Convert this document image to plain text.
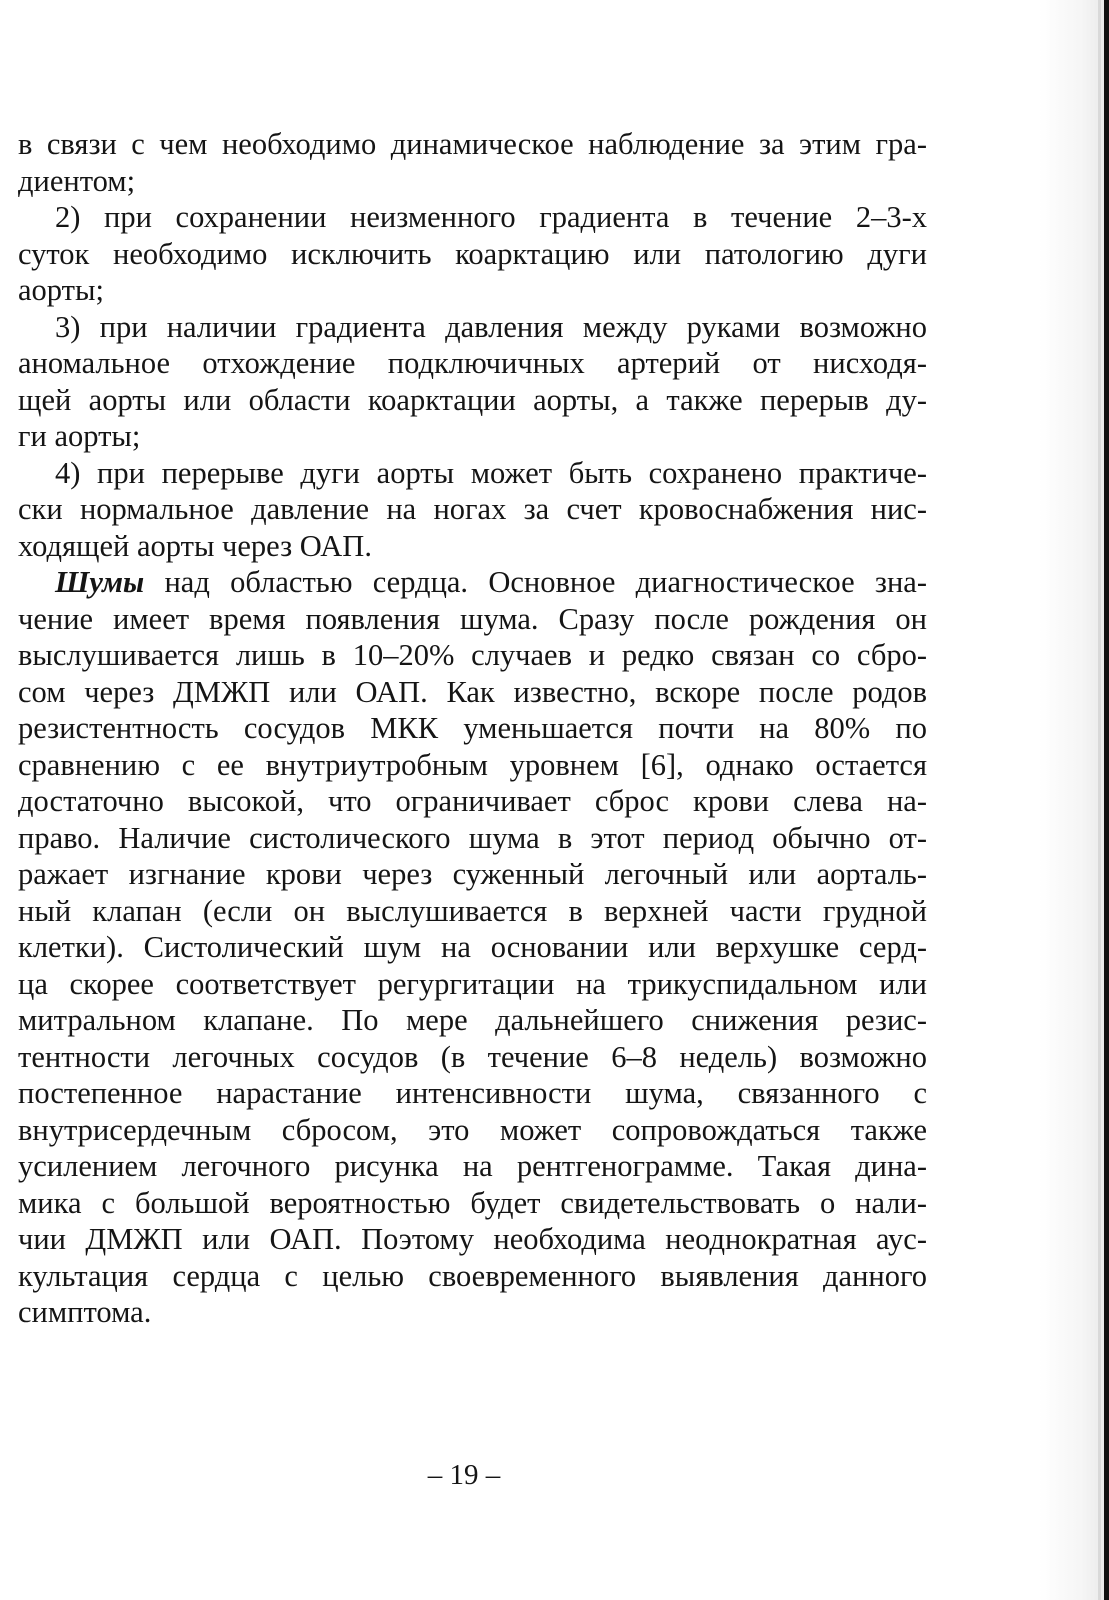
в связи с чем необходимо динамическое наблюдение за этим гра-
диентом;

2) при сохранении неизменного градиента в течение 2–3-х
суток необходимо исключить коарктацию или патологию дуги
аорты;

3) при наличии градиента давления между руками возможно
аномальное отхождение подключичных артерий от нисходя-
щей аорты или области коарктации аорты, а также перерыв ду-
ги аорты;

4) при перерыве дуги аорты может быть сохранено практиче-
ски нормальное давление на ногах за счет кровоснабжения нис-
ходящей аорты через ОАП.

Шумы над областью сердца. Основное диагностическое зна-
чение имеет время появления шума. Сразу после рождения он
выслушивается лишь в 10–20% случаев и редко связан со сбро-
сом через ДМЖП или ОАП. Как известно, вскоре после родов
резистентность сосудов МКК уменьшается почти на 80% по
сравнению с ее внутриутробным уровнем [6], однако остается
достаточно высокой, что ограничивает сброс крови слева на-
право. Наличие систолического шума в этот период обычно от-
ражает изгнание крови через суженный легочный или аорталь-
ный клапан (если он выслушивается в верхней части грудной
клетки). Систолический шум на основании или верхушке серд-
ца скорее соответствует регургитации на трикуспидальном или
митральном клапане. По мере дальнейшего снижения резис-
тентности легочных сосудов (в течение 6–8 недель) возможно
постепенное нарастание интенсивности шума, связанного с
внутрисердечным сбросом, это может сопровождаться также
усилением легочного рисунка на рентгенограмме. Такая дина-
мика с большой вероятностью будет свидетельствовать о нали-
чии ДМЖП или ОАП. Поэтому необходима неоднократная аус-
культация сердца с целью своевременного выявления данного
симптома.

– 19 –
